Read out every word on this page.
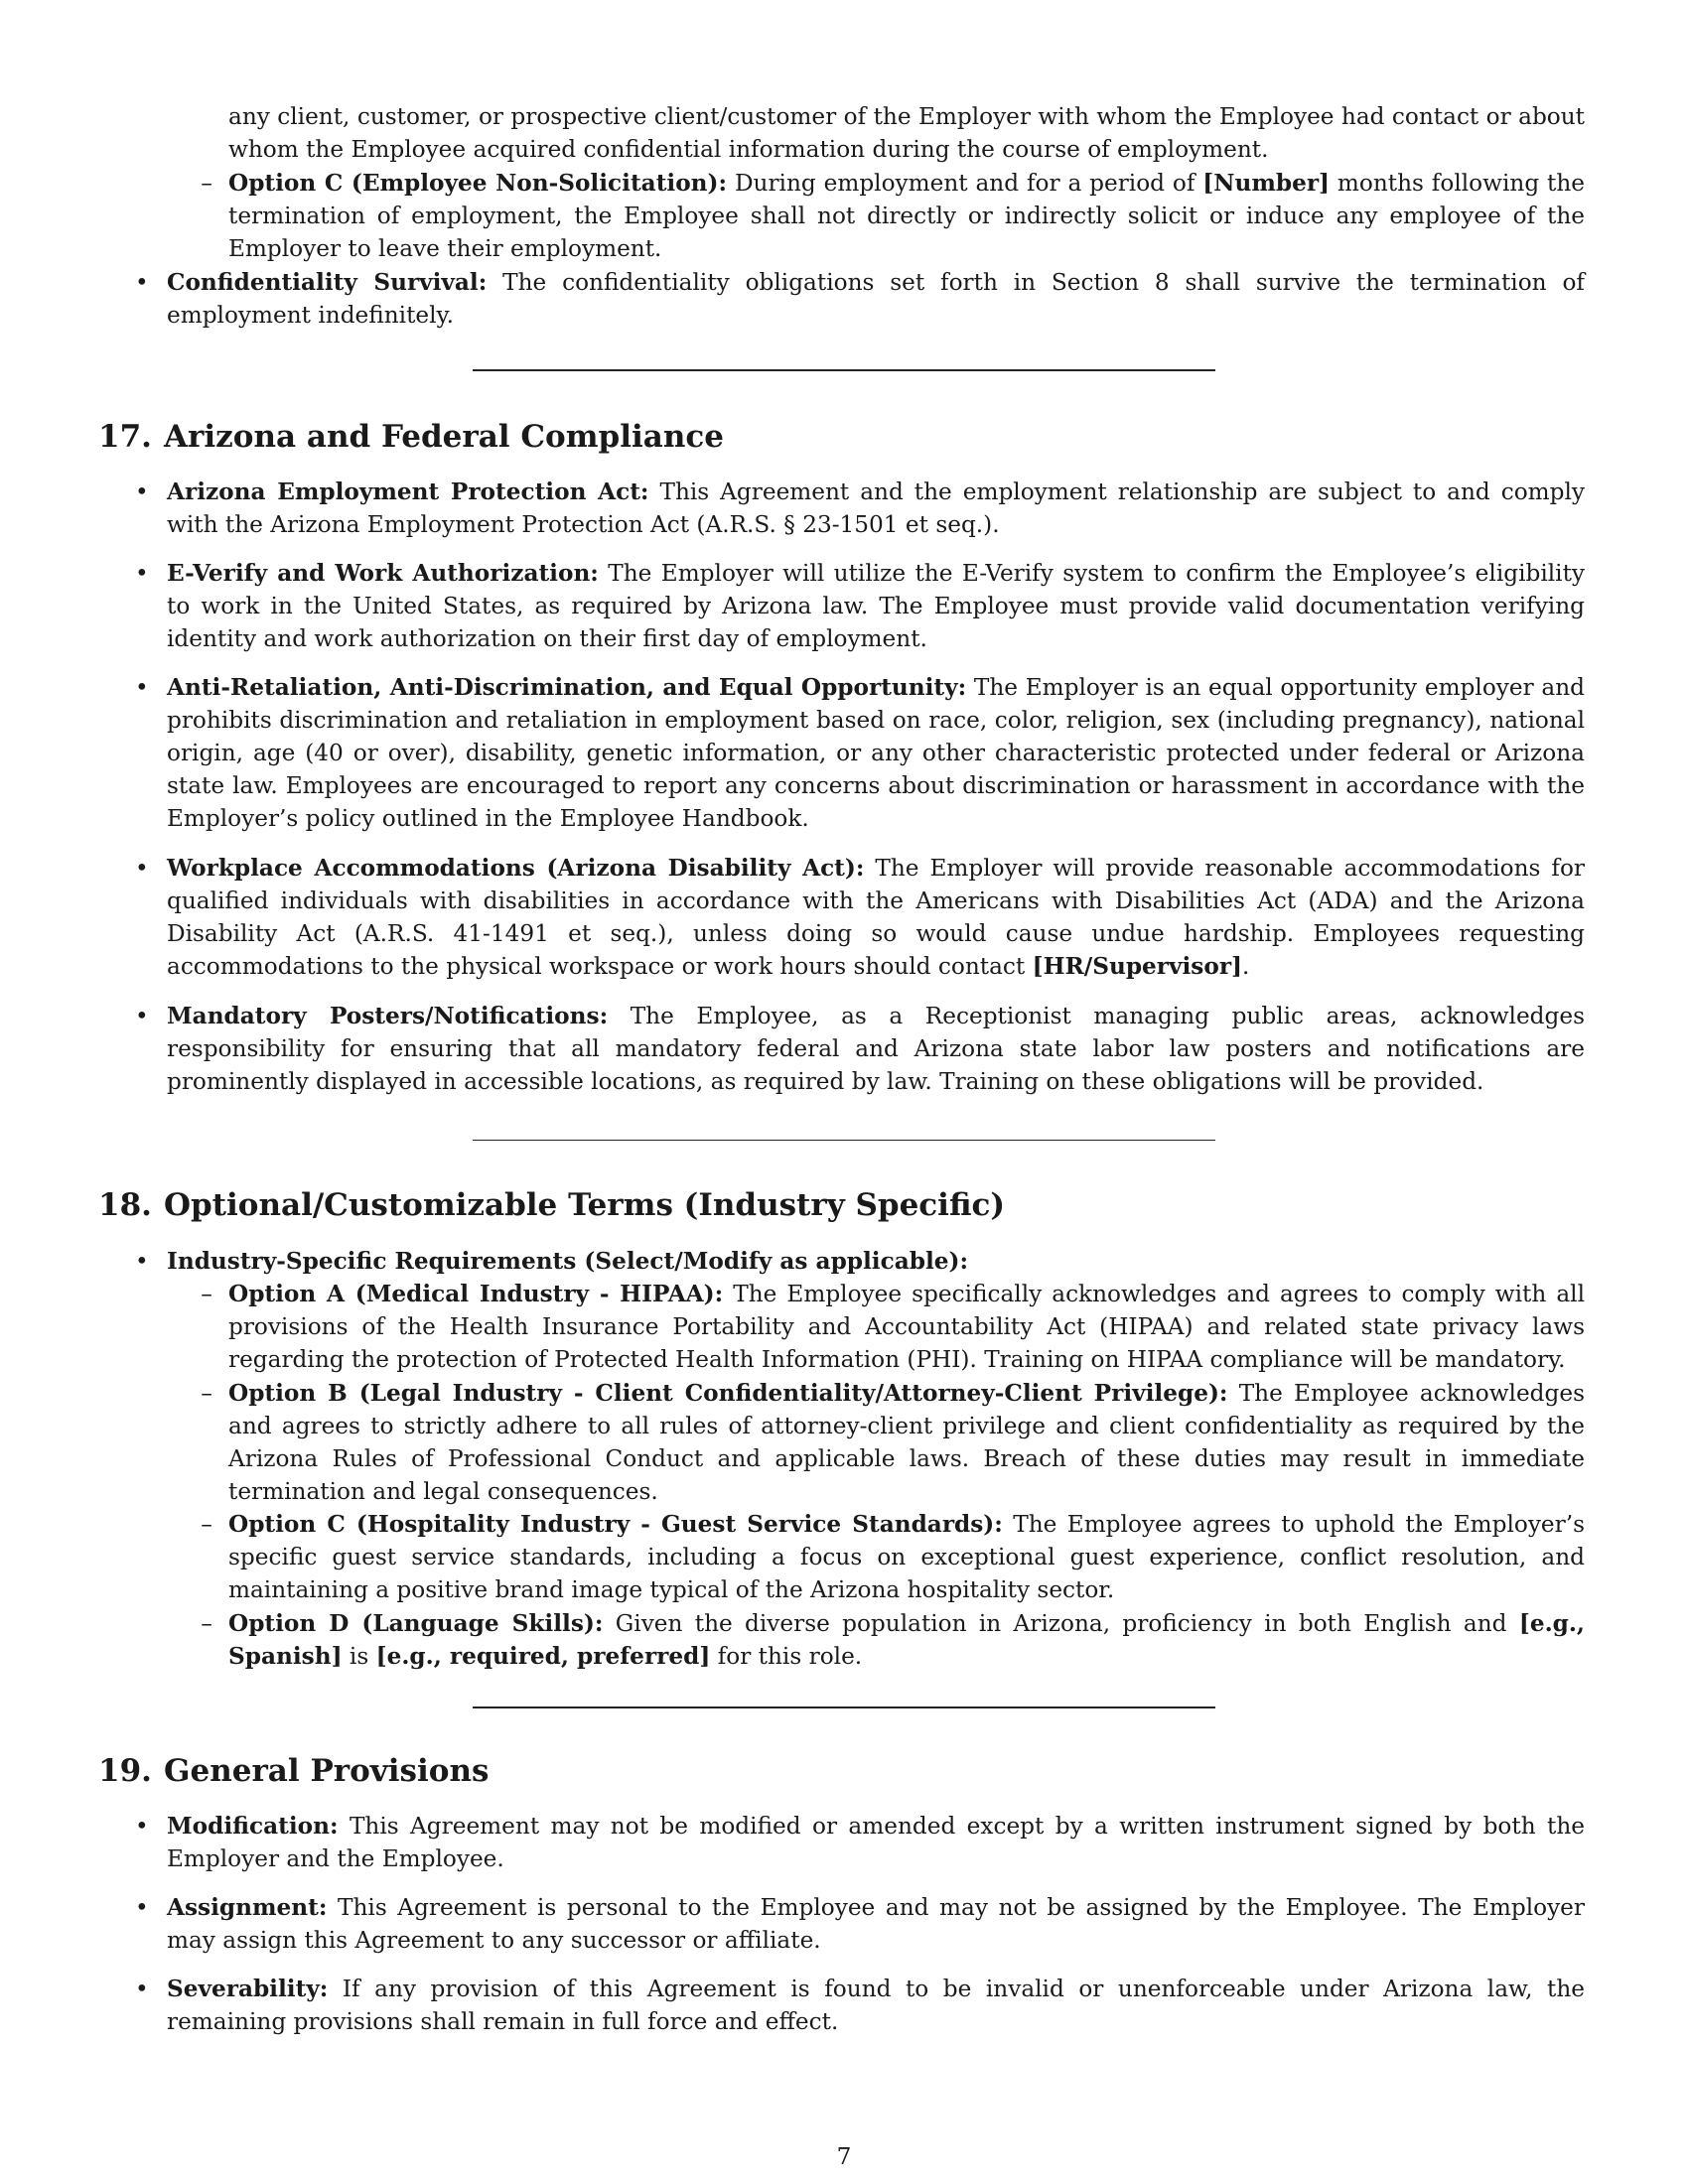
any client, customer, or prospective client/customer of the Employer with whom the Employee had contact or about whom the Employee acquired confidential information during the course of employment.

– Option C (Employee Non-Solicitation): During employment and for a period of [Number] months following the termination of employment, the Employee shall not directly or indirectly solicit or induce any employee of the Employer to leave their employment.

• Confidentiality Survival: The confidentiality obligations set forth in Section 8 shall survive the termination of employment indefinitely.

17. Arizona and Federal Compliance
• Arizona Employment Protection Act: This Agreement and the employment relationship are subject to and comply with the Arizona Employment Protection Act (A.R.S. § 23-1501 et seq.).

• E-Verify and Work Authorization: The Employer will utilize the E-Verify system to confirm the Employee’s eligibility to work in the United States, as required by Arizona law. The Employee must provide valid documentation verifying identity and work authorization on their first day of employment.

• Anti-Retaliation, Anti-Discrimination, and Equal Opportunity: The Employer is an equal opportunity employer and prohibits discrimination and retaliation in employment based on race, color, religion, sex (including pregnancy), national origin, age (40 or over), disability, genetic information, or any other characteristic protected under federal or Arizona state law. Employees are encouraged to report any concerns about discrimination or harassment in accordance with the Employer’s policy outlined in the Employee Handbook.

• Workplace Accommodations (Arizona Disability Act): The Employer will provide reasonable accommodations for qualified individuals with disabilities in accordance with the Americans with Disabilities Act (ADA) and the Arizona Disability Act (A.R.S. 41-1491 et seq.), unless doing so would cause undue hardship. Employees requesting accommodations to the physical workspace or work hours should contact [HR/Supervisor].

• Mandatory Posters/Notifications: The Employee, as a Receptionist managing public areas, acknowledges responsibility for ensuring that all mandatory federal and Arizona state labor law posters and notifications are prominently displayed in accessible locations, as required by law. Training on these obligations will be provided.

18. Optional/Customizable Terms (Industry Specific)
• Industry-Specific Requirements (Select/Modify as applicable):

– Option A (Medical Industry - HIPAA): The Employee specifically acknowledges and agrees to comply with all provisions of the Health Insurance Portability and Accountability Act (HIPAA) and related state privacy laws regarding the protection of Protected Health Information (PHI). Training on HIPAA compliance will be mandatory.

– Option B (Legal Industry - Client Confidentiality/Attorney-Client Privilege): The Employee acknowledges and agrees to strictly adhere to all rules of attorney-client privilege and client confidentiality as required by the Arizona Rules of Professional Conduct and applicable laws. Breach of these duties may result in immediate termination and legal consequences.

– Option C (Hospitality Industry - Guest Service Standards): The Employee agrees to uphold the Employer’s specific guest service standards, including a focus on exceptional guest experience, conflict resolution, and maintaining a positive brand image typical of the Arizona hospitality sector.

– Option D (Language Skills): Given the diverse population in Arizona, proficiency in both English and [e.g., Spanish] is [e.g., required, preferred] for this role.

19. General Provisions
• Modification: This Agreement may not be modified or amended except by a written instrument signed by both the Employer and the Employee.

• Assignment: This Agreement is personal to the Employee and may not be assigned by the Employee. The Employer may assign this Agreement to any successor or affiliate.

• Severability: If any provision of this Agreement is found to be invalid or unenforceable under Arizona law, the remaining provisions shall remain in full force and effect.

7
